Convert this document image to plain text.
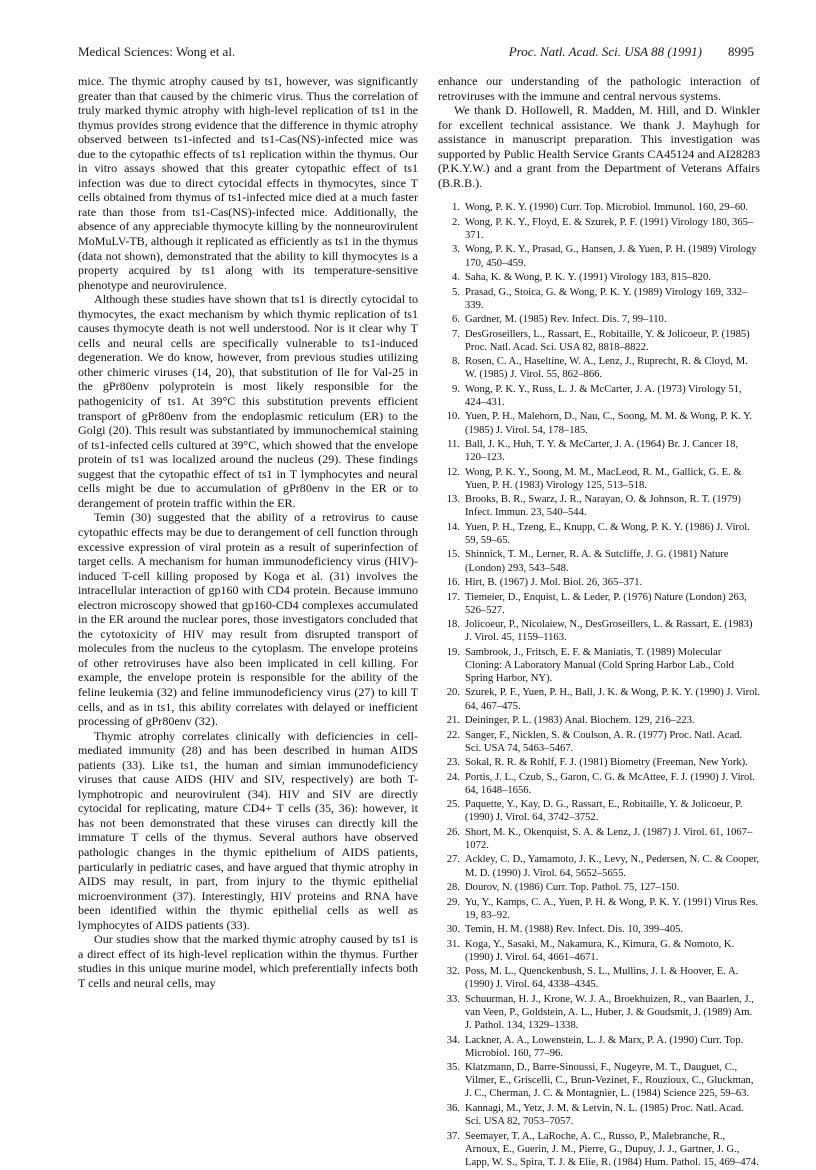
Medical Sciences: Wong et al.	Proc. Natl. Acad. Sci. USA 88 (1991) 8995

mice. The thymic atrophy caused by ts1, however, was significantly greater than that caused by the chimeric virus. Thus the correlation of truly marked thymic atrophy with high-level replication of ts1 in the thymus provides strong evidence that the difference in thymic atrophy observed between ts1-infected and ts1-Cas(NS)-infected mice was due to the cytopathic effects of ts1 replication within the thymus. Our in vitro assays showed that this greater cytopathic effect of ts1 infection was due to direct cytocidal effects in thymocytes, since T cells obtained from thymus of ts1-infected mice died at a much faster rate than those from ts1-Cas(NS)-infected mice. Additionally, the absence of any appreciable thymocyte killing by the nonneurovirulent MoMuLV-TB, although it replicated as efficiently as ts1 in the thymus (data not shown), demonstrated that the ability to kill thymocytes is a property acquired by ts1 along with its temperature-sensitive phenotype and neurovirulence.

Although these studies have shown that ts1 is directly cytocidal to thymocytes, the exact mechanism by which thymic replication of ts1 causes thymocyte death is not well understood. Nor is it clear why T cells and neural cells are specifically vulnerable to ts1-induced degeneration. We do know, however, from previous studies utilizing other chimeric viruses (14, 20), that substitution of Ile for Val-25 in the gPr80env polyprotein is most likely responsible for the pathogenicity of ts1. At 39°C this substitution prevents efficient transport of gPr80env from the endoplasmic reticulum (ER) to the Golgi (20). This result was substantiated by immunochemical staining of ts1-infected cells cultured at 39°C, which showed that the envelope protein of ts1 was localized around the nucleus (29). These findings suggest that the cytopathic effect of ts1 in T lymphocytes and neural cells might be due to accumulation of gPr80env in the ER or to derangement of protein traffic within the ER.

Temin (30) suggested that the ability of a retrovirus to cause cytopathic effects may be due to derangement of cell function through excessive expression of viral protein as a result of superinfection of target cells. A mechanism for human immunodeficiency virus (HIV)-induced T-cell killing proposed by Koga et al. (31) involves the intracellular interaction of gp160 with CD4 protein. Because immuno electron microscopy showed that gp160-CD4 complexes accumulated in the ER around the nuclear pores, those investigators concluded that the cytotoxicity of HIV may result from disrupted transport of molecules from the nucleus to the cytoplasm. The envelope proteins of other retroviruses have also been implicated in cell killing. For example, the envelope protein is responsible for the ability of the feline leukemia (32) and feline immunodeficiency virus (27) to kill T cells, and as in ts1, this ability correlates with delayed or inefficient processing of gPr80env (32).

Thymic atrophy correlates clinically with deficiencies in cell-mediated immunity (28) and has been described in human AIDS patients (33). Like ts1, the human and simian immunodeficiency viruses that cause AIDS (HIV and SIV, respectively) are both T-lymphotropic and neurovirulent (34). HIV and SIV are directly cytocidal for replicating, mature CD4+ T cells (35, 36): however, it has not been demonstrated that these viruses can directly kill the immature T cells of the thymus. Several authors have observed pathologic changes in the thymic epithelium of AIDS patients, particularly in pediatric cases, and have argued that thymic atrophy in AIDS may result, in part, from injury to the thymic epithelial microenvironment (37). Interestingly, HIV proteins and RNA have been identified within the thymic epithelial cells as well as lymphocytes of AIDS patients (33).

Our studies show that the marked thymic atrophy caused by ts1 is a direct effect of its high-level replication within the thymus. Further studies in this unique murine model, which preferentially infects both T cells and neural cells, may

enhance our understanding of the pathologic interaction of retroviruses with the immune and central nervous systems.

We thank D. Hollowell, R. Madden, M. Hill, and D. Winkler for excellent technical assistance. We thank J. Mayhugh for assistance in manuscript preparation. This investigation was supported by Public Health Service Grants CA45124 and AI28283 (P.K.Y.W.) and a grant from the Department of Veterans Affairs (B.R.B.).

1. Wong, P. K. Y. (1990) Curr. Top. Microbiol. Immunol. 160, 29–60.
2. Wong, P. K. Y., Floyd, E. & Szurek, P. F. (1991) Virology 180, 365–371.
3. Wong, P. K. Y., Prasad, G., Hansen, J. & Yuen, P. H. (1989) Virology 170, 450–459.
4. Saha, K. & Wong, P. K. Y. (1991) Virology 183, 815–820.
5. Prasad, G., Stoica, G. & Wong, P. K. Y. (1989) Virology 169, 332–339.
6. Gardner, M. (1985) Rev. Infect. Dis. 7, 99–110.
7. DesGroseillers, L., Rassart, E., Robitaille, Y. & Jolicoeur, P. (1985) Proc. Natl. Acad. Sci. USA 82, 8818–8822.
8. Rosen, C. A., Haseltine, W. A., Lenz, J., Ruprecht, R. & Cloyd, M. W. (1985) J. Virol. 55, 862–866.
9. Wong, P. K. Y., Russ, L. J. & McCarter, J. A. (1973) Virology 51, 424–431.
10. Yuen, P. H., Malehorn, D., Nau, C., Soong, M. M. & Wong, P. K. Y. (1985) J. Virol. 54, 178–185.
11. Ball, J. K., Huh, T. Y. & McCarter, J. A. (1964) Br. J. Cancer 18, 120–123.
12. Wong, P. K. Y., Soong, M. M., MacLeod, R. M., Gallick, G. E. & Yuen, P. H. (1983) Virology 125, 513–518.
13. Brooks, B. R., Swarz, J. R., Narayan, O. & Johnson, R. T. (1979) Infect. Immun. 23, 540–544.
14. Yuen, P. H., Tzeng, E., Knupp, C. & Wong, P. K. Y. (1986) J. Virol. 59, 59–65.
15. Shinnick, T. M., Lerner, R. A. & Sutcliffe, J. G. (1981) Nature (London) 293, 543–548.
16. Hirt, B. (1967) J. Mol. Biol. 26, 365–371.
17. Tiemeier, D., Enquist, L. & Leder, P. (1976) Nature (London) 263, 526–527.
18. Jolicoeur, P., Nicolaiew, N., DesGroseillers, L. & Rassart, E. (1983) J. Virol. 45, 1159–1163.
19. Sambrook, J., Fritsch, E. F. & Maniatis, T. (1989) Molecular Cloning: A Laboratory Manual (Cold Spring Harbor Lab., Cold Spring Harbor, NY).
20. Szurek, P. F., Yuen, P. H., Ball, J. K. & Wong, P. K. Y. (1990) J. Virol. 64, 467–475.
21. Deininger, P. L. (1983) Anal. Biochem. 129, 216–223.
22. Sanger, F., Nicklen, S. & Coulson, A. R. (1977) Proc. Natl. Acad. Sci. USA 74, 5463–5467.
23. Sokal, R. R. & Rohlf, F. J. (1981) Biometry (Freeman, New York).
24. Portis, J. L., Czub, S., Garon, C. G. & McAttee, F. J. (1990) J. Virol. 64, 1648–1656.
25. Paquette, Y., Kay, D. G., Rassart, E., Robitaille, Y. & Jolicoeur, P. (1990) J. Virol. 64, 3742–3752.
26. Short, M. K., Okenquist, S. A. & Lenz, J. (1987) J. Virol. 61, 1067–1072.
27. Ackley, C. D., Yamamoto, J. K., Levy, N., Pedersen, N. C. & Cooper, M. D. (1990) J. Virol. 64, 5652–5655.
28. Dourov, N. (1986) Curr. Top. Pathol. 75, 127–150.
29. Yu, Y., Kamps, C. A., Yuen, P. H. & Wong, P. K. Y. (1991) Virus Res. 19, 83–92.
30. Temin, H. M. (1988) Rev. Infect. Dis. 10, 399–405.
31. Koga, Y., Sasaki, M., Nakamura, K., Kimura, G. & Nomoto, K. (1990) J. Virol. 64, 4661–4671.
32. Poss, M. L., Quenckenbush, S. L., Mullins, J. I. & Hoover, E. A. (1990) J. Virol. 64, 4338–4345.
33. Schuurman, H. J., Krone, W. J. A., Broekhuizen, R., van Baarlen, J., van Veen, P., Goldstein, A. L., Huber, J. & Goudsmit, J. (1989) Am. J. Pathol. 134, 1329–1338.
34. Lackner, A. A., Lowenstein, L. J. & Marx, P. A. (1990) Curr. Top. Microbiol. 160, 77–96.
35. Klatzmann, D., Barre-Sinoussi, F., Nugeyre, M. T., Dauguet, C., Vilmer, E., Griscelli, C., Brun-Vezinet, F., Rouzioux, C., Gluckman, J. C., Cherman, J. C. & Montagnier, L. (1984) Science 225, 59–63.
36. Kannagi, M., Yetz, J. M. & Letvin, N. L. (1985) Proc. Natl. Acad. Sci. USA 82, 7053–7057.
37. Seemayer, T. A., LaRoche, A. C., Russo, P., Malebranche, R., Arnoux, E., Guerin, J. M., Pierre, G., Dupuy, J. J., Gartner, J. G., Lapp, W. S., Spira, T. J. & Elie, R. (1984) Hum. Pathol. 15, 469–474.
